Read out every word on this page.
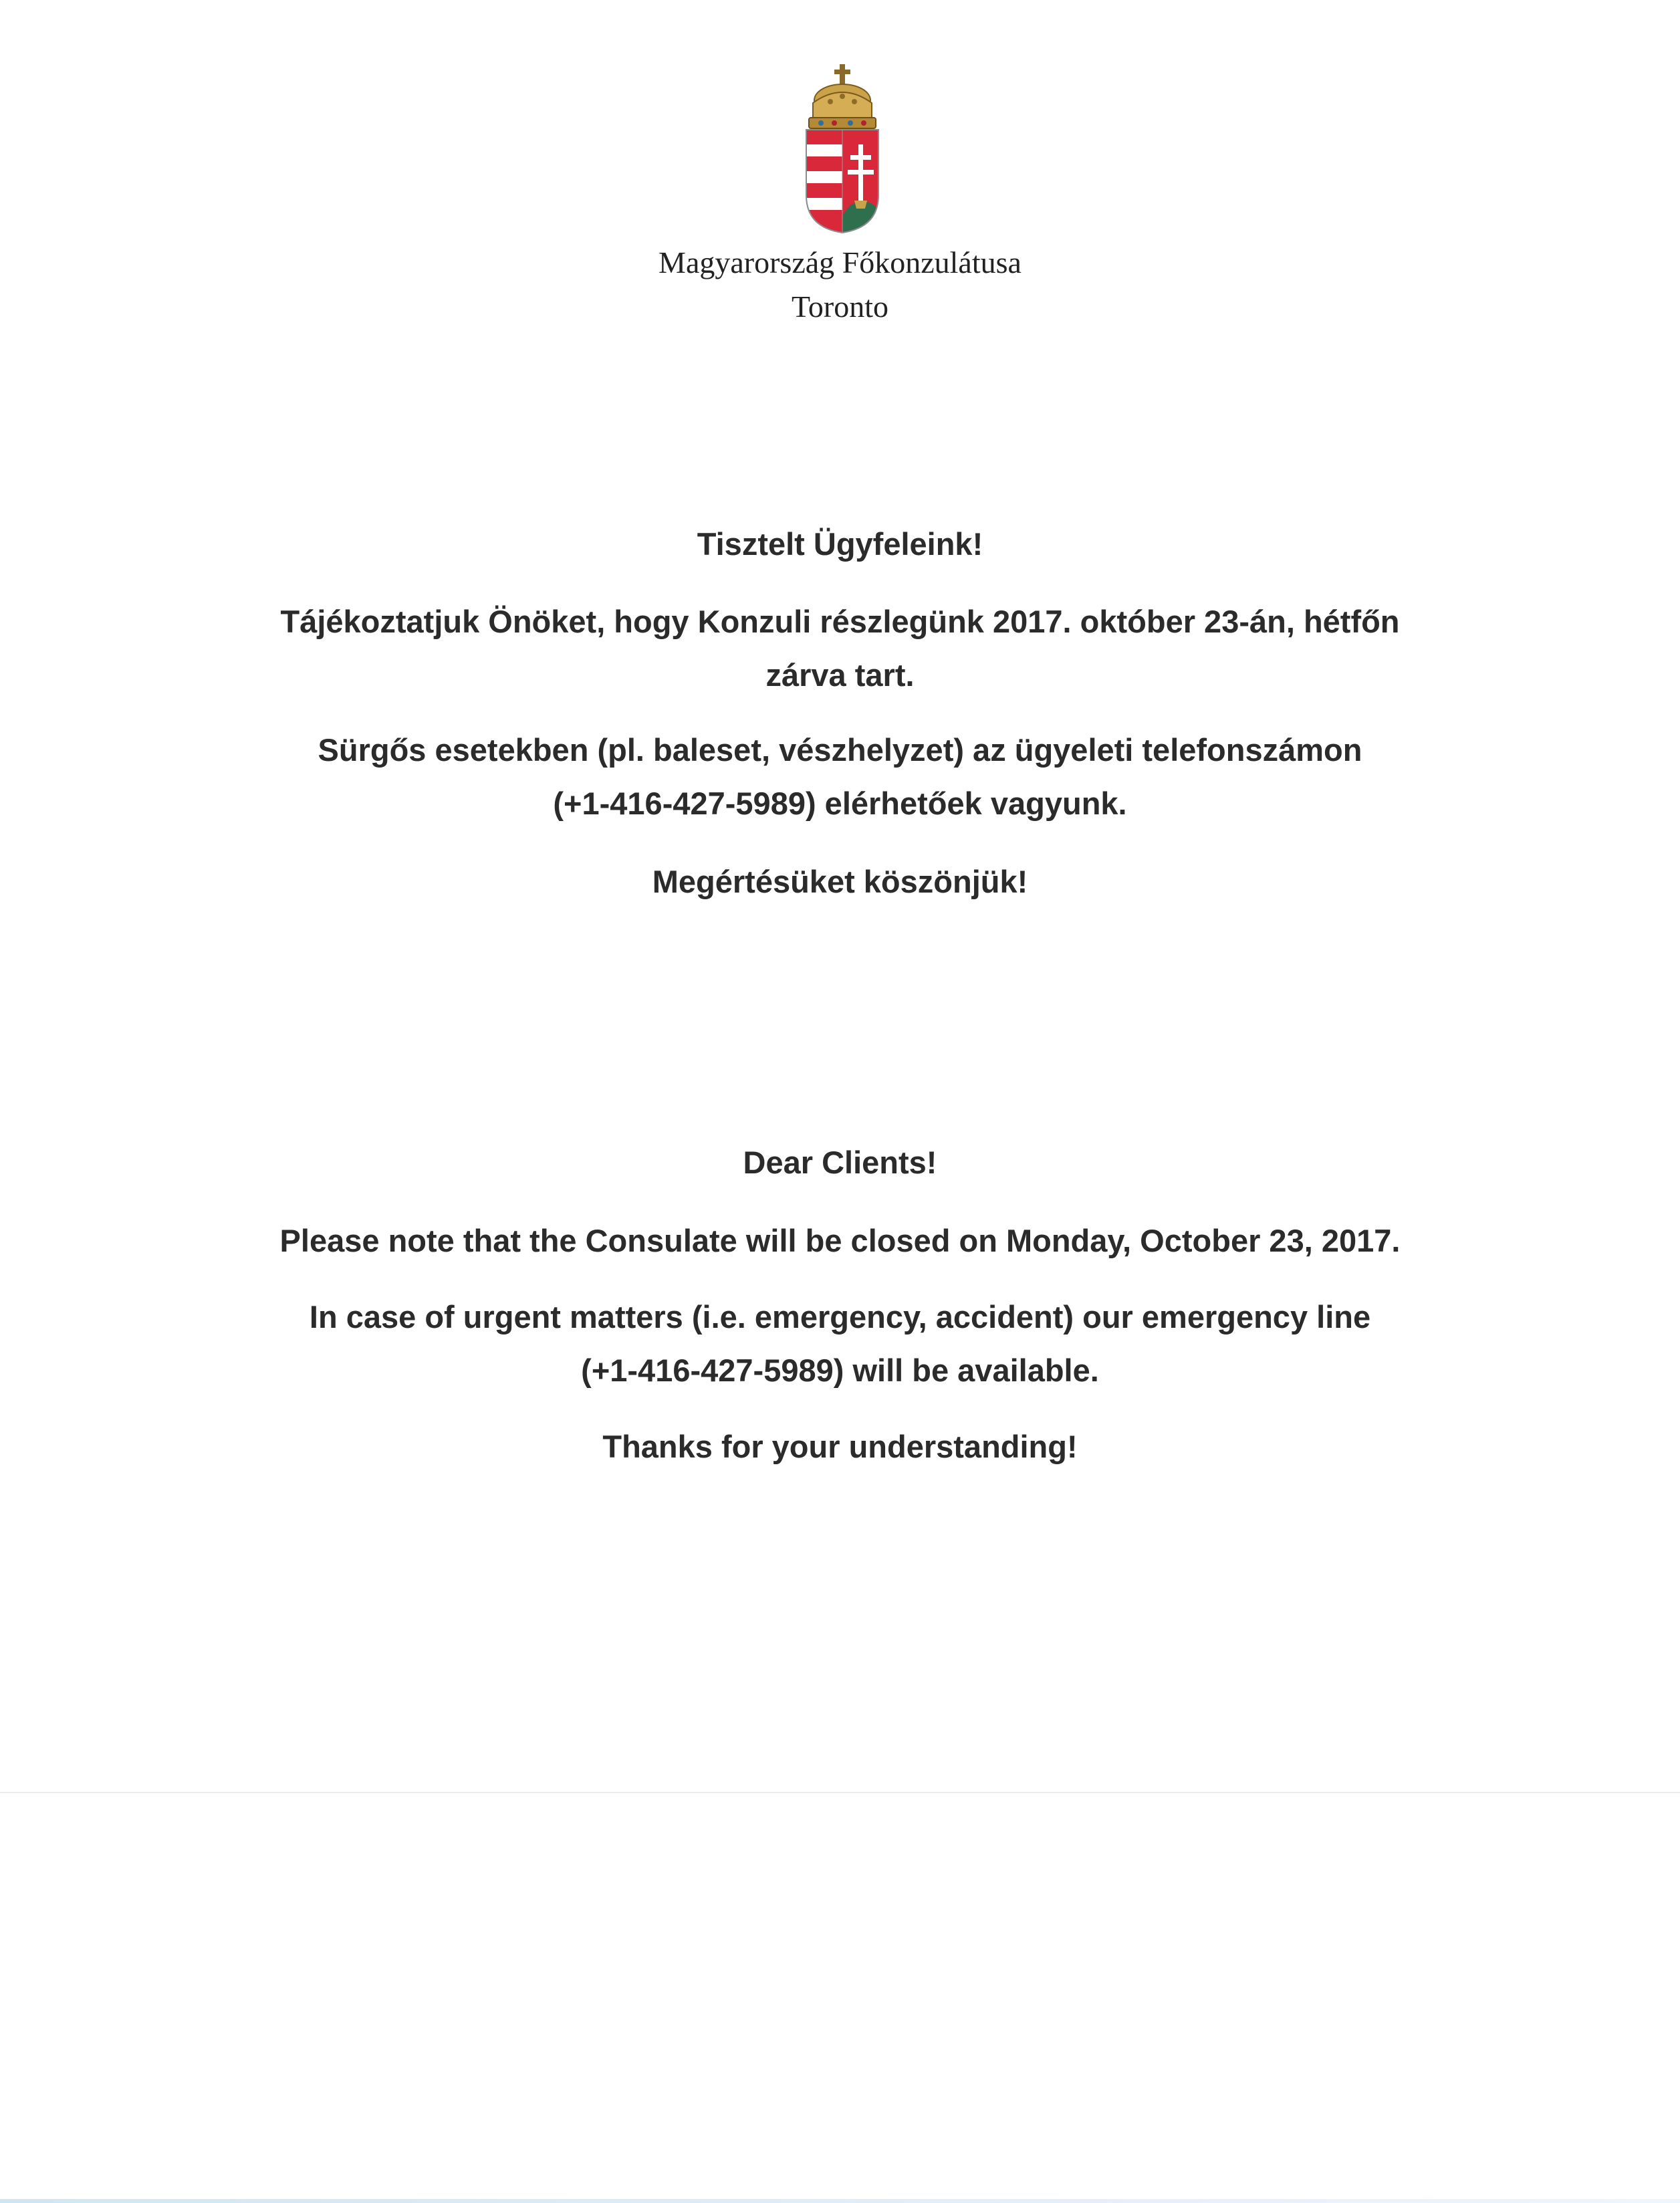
Magyarország Főkonzulátusa
Toronto
Tisztelt Ügyfeleink!
Tájékoztatjuk Önöket, hogy Konzuli részlegünk 2017. október 23-án, hétfőn
zárva tart.
Sürgős esetekben (pl. baleset, vészhelyzet) az ügyeleti telefonszámon
(+1-416-427-5989) elérhetőek vagyunk.
Megértésüket köszönjük!
Dear Clients!
Please note that the Consulate will be closed on Monday, October 23, 2017.
In case of urgent matters (i.e. emergency, accident) our emergency line
(+1-416-427-5989) will be available.
Thanks for your understanding!
